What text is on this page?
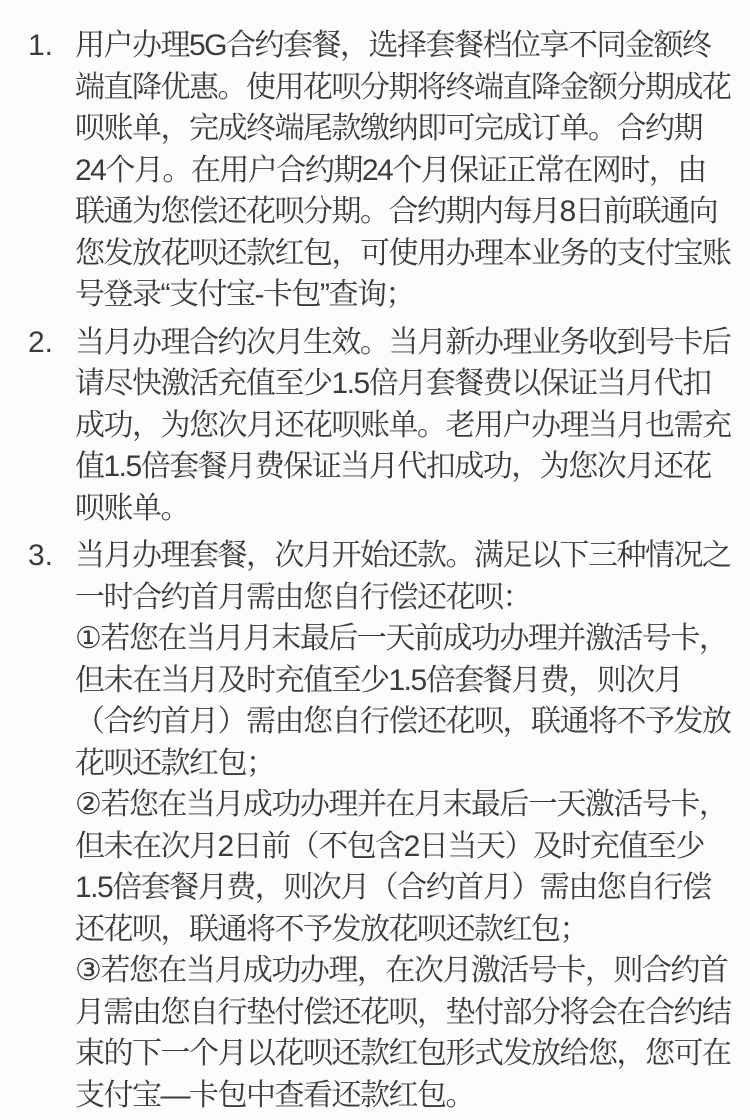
1. 用户办理5G合约套餐，选择套餐档位享不同金额终
端直降优惠。使用花呗分期将终端直降金额分期成花
呗账单，完成终端尾款缴纳即可完成订单。合约期
24个月。在用户合约期24个月保证正常在网时，由
联通为您偿还花呗分期。合约期内每月8日前联通向
您发放花呗还款红包，可使用办理本业务的支付宝账
号登录“支付宝-卡包”查询；
2. 当月办理合约次月生效。当月新办理业务收到号卡后
请尽快激活充值至少1.5倍月套餐费以保证当月代扣
成功，为您次月还花呗账单。老用户办理当月也需充
值1.5倍套餐月费保证当月代扣成功，为您次月还花
呗账单。
3. 当月办理套餐，次月开始还款。满足以下三种情况之
一时合约首月需由您自行偿还花呗：
①若您在当月月末最后一天前成功办理并激活号卡，
但未在当月及时充值至少1.5倍套餐月费，则次月
（合约首月）需由您自行偿还花呗，联通将不予发放
花呗还款红包；
②若您在当月成功办理并在月末最后一天激活号卡，
但未在次月2日前（不包含2日当天）及时充值至少
1.5倍套餐月费，则次月（合约首月）需由您自行偿
还花呗，联通将不予发放花呗还款红包；
③若您在当月成功办理，在次月激活号卡，则合约首
月需由您自行垫付偿还花呗，垫付部分将会在合约结
束的下一个月以花呗还款红包形式发放给您，您可在
支付宝—卡包中查看还款红包。
